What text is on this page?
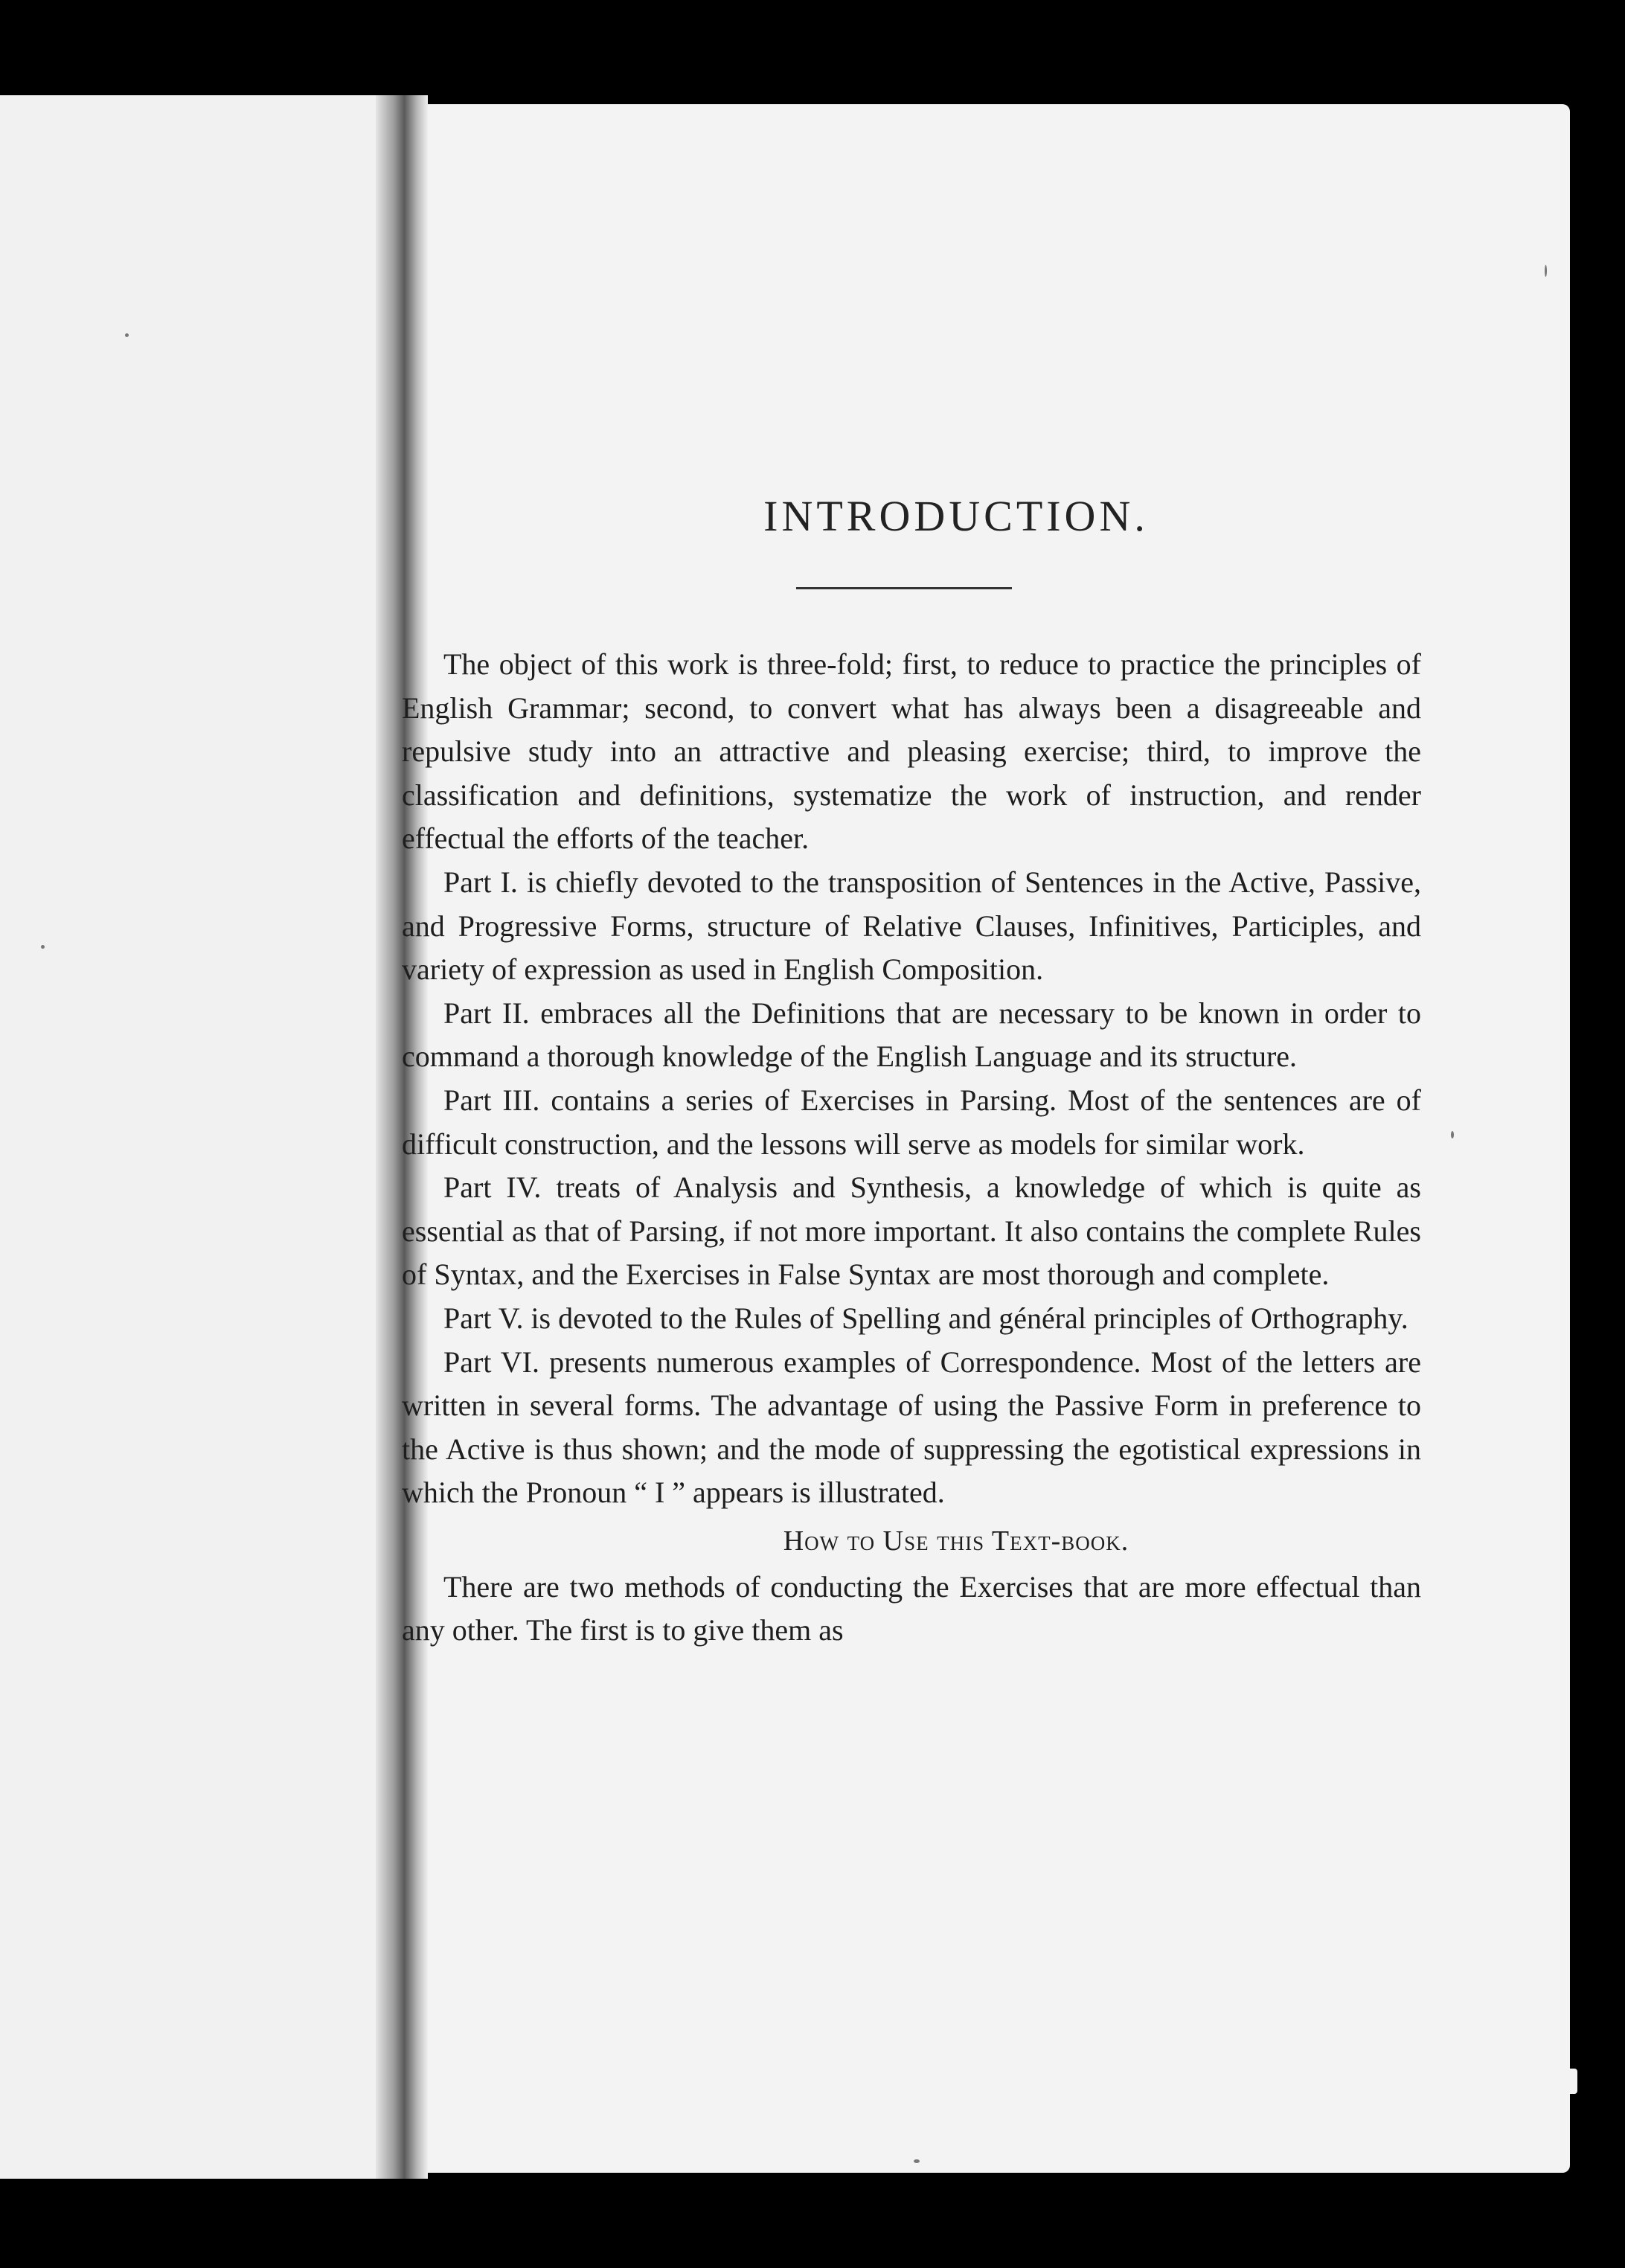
INTRODUCTION.

The object of this work is three-fold; first, to reduce to practice the principles of English Grammar; second, to convert what has always been a disagreeable and repulsive study into an attractive and pleasing exercise; third, to improve the classification and definitions, systematize the work of instruction, and render effectual the efforts of the teacher.

Part I. is chiefly devoted to the transposition of Sentences in the Active, Passive, and Progressive Forms, structure of Relative Clauses, Infinitives, Participles, and variety of expression as used in English Composition.

Part II. embraces all the Definitions that are necessary to be known in order to command a thorough knowledge of the English Language and its structure.

Part III. contains a series of Exercises in Parsing. Most of the sentences are of difficult construction, and the lessons will serve as models for similar work.

Part IV. treats of Analysis and Synthesis, a knowledge of which is quite as essential as that of Parsing, if not more important. It also contains the complete Rules of Syntax, and the Exercises in False Syntax are most thorough and complete.

Part V. is devoted to the Rules of Spelling and général principles of Orthography.

Part VI. presents numerous examples of Correspondence. Most of the letters are written in several forms. The advantage of using the Passive Form in preference to the Active is thus shown; and the mode of suppressing the egotistical expressions in which the Pronoun “ I ” appears is illustrated.

How to Use this Text-book.

There are two methods of conducting the Exercises that are more effectual than any other. The first is to give them as
